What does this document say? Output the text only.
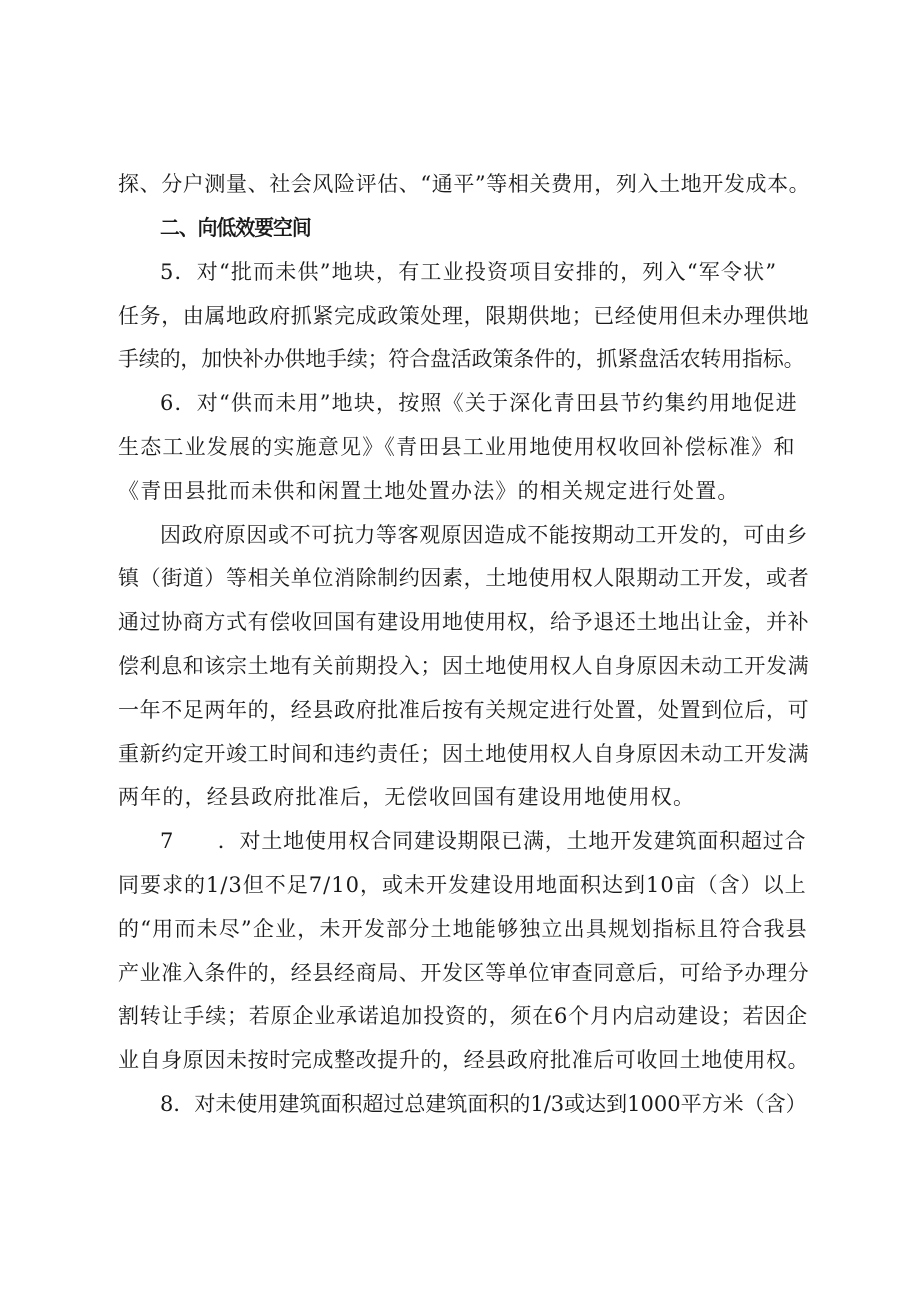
探、分户测量、社会风险评估、“通平”等相关费用，列入土地开发成本。
二、向低效要空间
5．对“批而未供”地块，有工业投资项目安排的，列入“军令状”
任务，由属地政府抓紧完成政策处理，限期供地；已经使用但未办理供地
手续的，加快补办供地手续；符合盘活政策条件的，抓紧盘活农转用指标。
6．对“供而未用”地块，按照《关于深化青田县节约集约用地促进
生态工业发展的实施意见》《青田县工业用地使用权收回补偿标准》和
《青田县批而未供和闲置土地处置办法》的相关规定进行处置。
因政府原因或不可抗力等客观原因造成不能按期动工开发的，可由乡
镇（街道）等相关单位消除制约因素，土地使用权人限期动工开发，或者
通过协商方式有偿收回国有建设用地使用权，给予退还土地出让金，并补
偿利息和该宗土地有关前期投入；因土地使用权人自身原因未动工开发满
一年不足两年的，经县政府批准后按有关规定进行处置，处置到位后，可
重新约定开竣工时间和违约责任；因土地使用权人自身原因未动工开发满
两年的，经县政府批准后，无偿收回国有建设用地使用权。
7　　．对土地使用权合同建设期限已满，土地开发建筑面积超过合
同要求的1/3但不足7/10，或未开发建设用地面积达到10亩（含）以上
的“用而未尽”企业，未开发部分土地能够独立出具规划指标且符合我县
产业准入条件的，经县经商局、开发区等单位审查同意后，可给予办理分
割转让手续；若原企业承诺追加投资的，须在6个月内启动建设；若因企
业自身原因未按时完成整改提升的，经县政府批准后可收回土地使用权。
8．对未使用建筑面积超过总建筑面积的1/3或达到1000平方米（含）
